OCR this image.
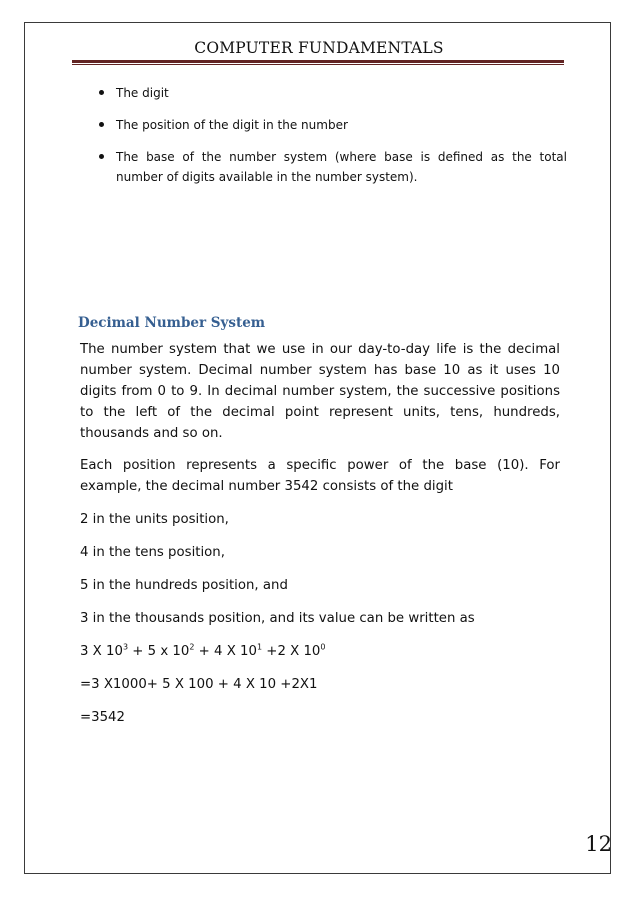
COMPUTER FUNDAMENTALS
The digit
The position of the digit in the number
The base of the number system (where base is defined as the total number of digits available in the number system).
Decimal Number System

The number system that we use in our day-to-day life is the decimal number system. Decimal number system has base 10 as it uses 10 digits from 0 to 9. In decimal number system, the successive positions to the left of the decimal point represent units, tens, hundreds, thousands and so on.

Each position represents a specific power of the base (10). For example, the decimal number 3542 consists of the digit

2 in the units position,

4 in the tens position,

5 in the hundreds position, and

3 in the thousands position, and its value can be written as

3 X $10^3 + 5$ x $10^2 + 4$ X $10^1 +2$ X $10^0$

=3 X1000+ 5 X 100 + 4 X 10 +2X1

=3542

12
